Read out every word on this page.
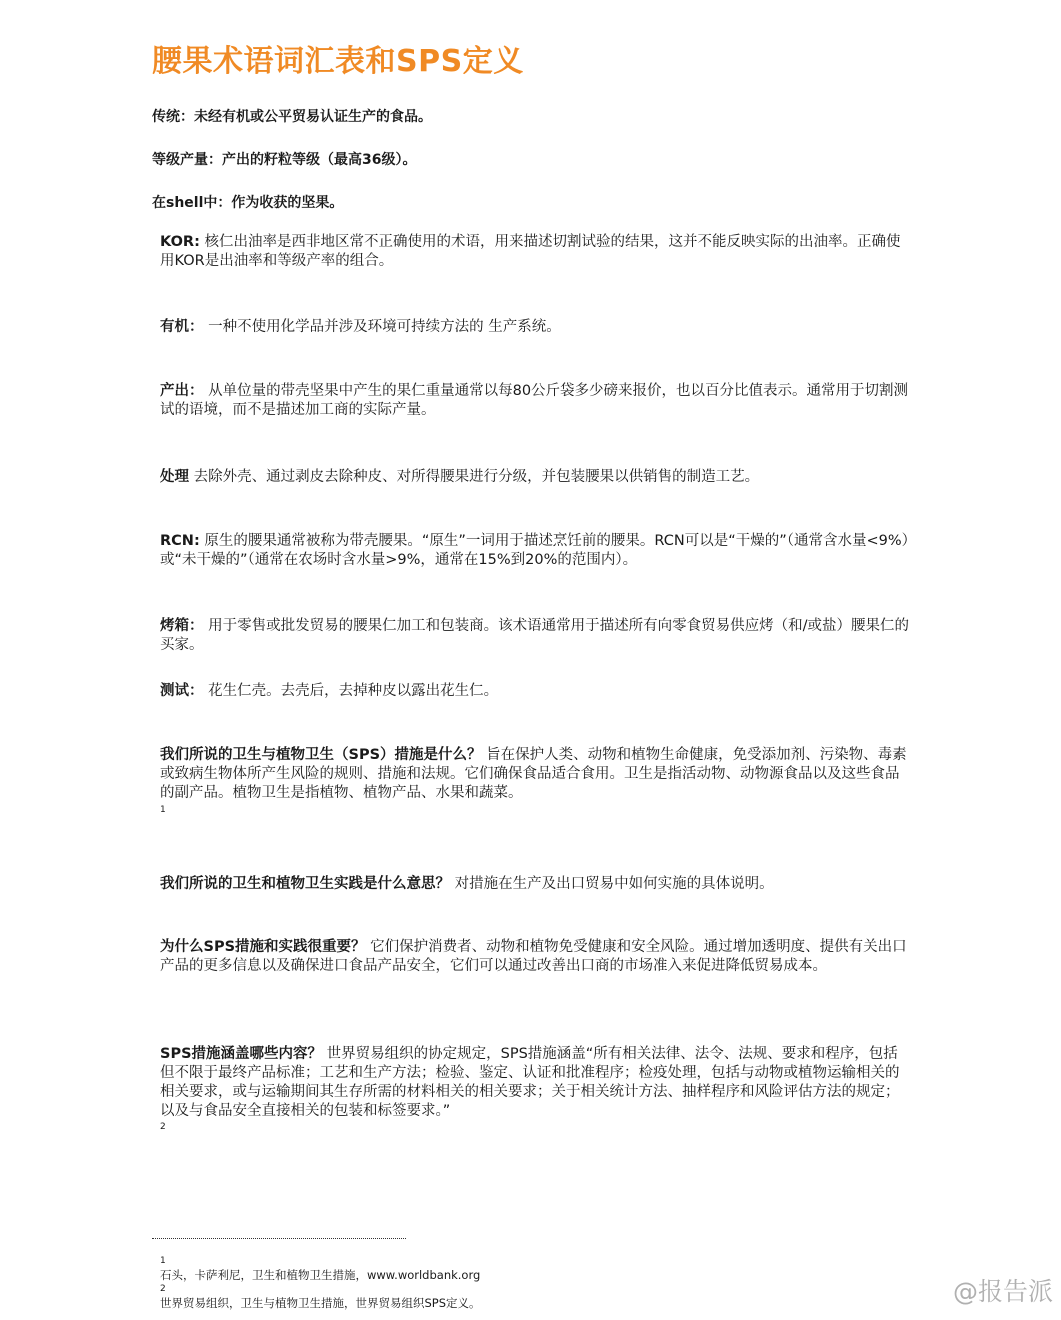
腰果术语词汇表和SPS定义
传统：未经有机或公平贸易认证生产的食品。
等级产量：产出的籽粒等级（最高36级）。
在shell中：作为收获的坚果。
KOR: 核仁出油率是西非地区常不正确使用的术语，用来描述切割试验的结果，这并不能反映实际的出油率。正确使用KOR是出油率和等级产率的组合。
有机： 一种不使用化学品并涉及环境可持续方法的 生产系统。
产出： 从单位量的带壳坚果中产生的果仁重量通常以每80公斤袋多少磅来报价，也以百分比值表示。通常用于切割测试的语境，而不是描述加工商的实际产量。
处理 去除外壳、通过剥皮去除种皮、对所得腰果进行分级，并包装腰果以供销售的制造工艺。
RCN: 原生的腰果通常被称为带壳腰果。“原生”一词用于描述烹饪前的腰果。RCN可以是“干燥的”（通常含水量<9%）或“未干燥的”（通常在农场时含水量>9%，通常在15%到20%的范围内）。
烤箱： 用于零售或批发贸易的腰果仁加工和包装商。该术语通常用于描述所有向零食贸易供应烤（和/或盐）腰果仁的买家。
测试： 花生仁壳。去壳后，去掉种皮以露出花生仁。
我们所说的卫生与植物卫生（SPS）措施是什么？ 旨在保护人类、动物和植物生命健康，免受添加剂、污染物、毒素或致病生物体所产生风险的规则、措施和法规。它们确保食品适合食用。卫生是指活动物、动物源食品以及这些食品的副产品。植物卫生是指植物、植物产品、水果和蔬菜。
1
我们所说的卫生和植物卫生实践是什么意思？ 对措施在生产及出口贸易中如何实施的具体说明。
为什么SPS措施和实践很重要？ 它们保护消费者、动物和植物免受健康和安全风险。通过增加透明度、提供有关出口产品的更多信息以及确保进口食品产品安全，它们可以通过改善出口商的市场准入来促进降低贸易成本。
SPS措施涵盖哪些内容？ 世界贸易组织的协定规定，SPS措施涵盖“所有相关法律、法令、法规、要求和程序，包括但不限于最终产品标准；工艺和生产方法；检验、鉴定、认证和批准程序；检疫处理，包括与动物或植物运输相关的相关要求，或与运输期间其生存所需的材料相关的相关要求；关于相关统计方法、抽样程序和风险评估方法的规定；以及与食品安全直接相关的包装和标签要求。”
2
1
石头，卡萨利尼，卫生和植物卫生措施，www.worldbank.org
2
世界贸易组织，卫生与植物卫生措施，世界贸易组织SPS定义。	@报告派
